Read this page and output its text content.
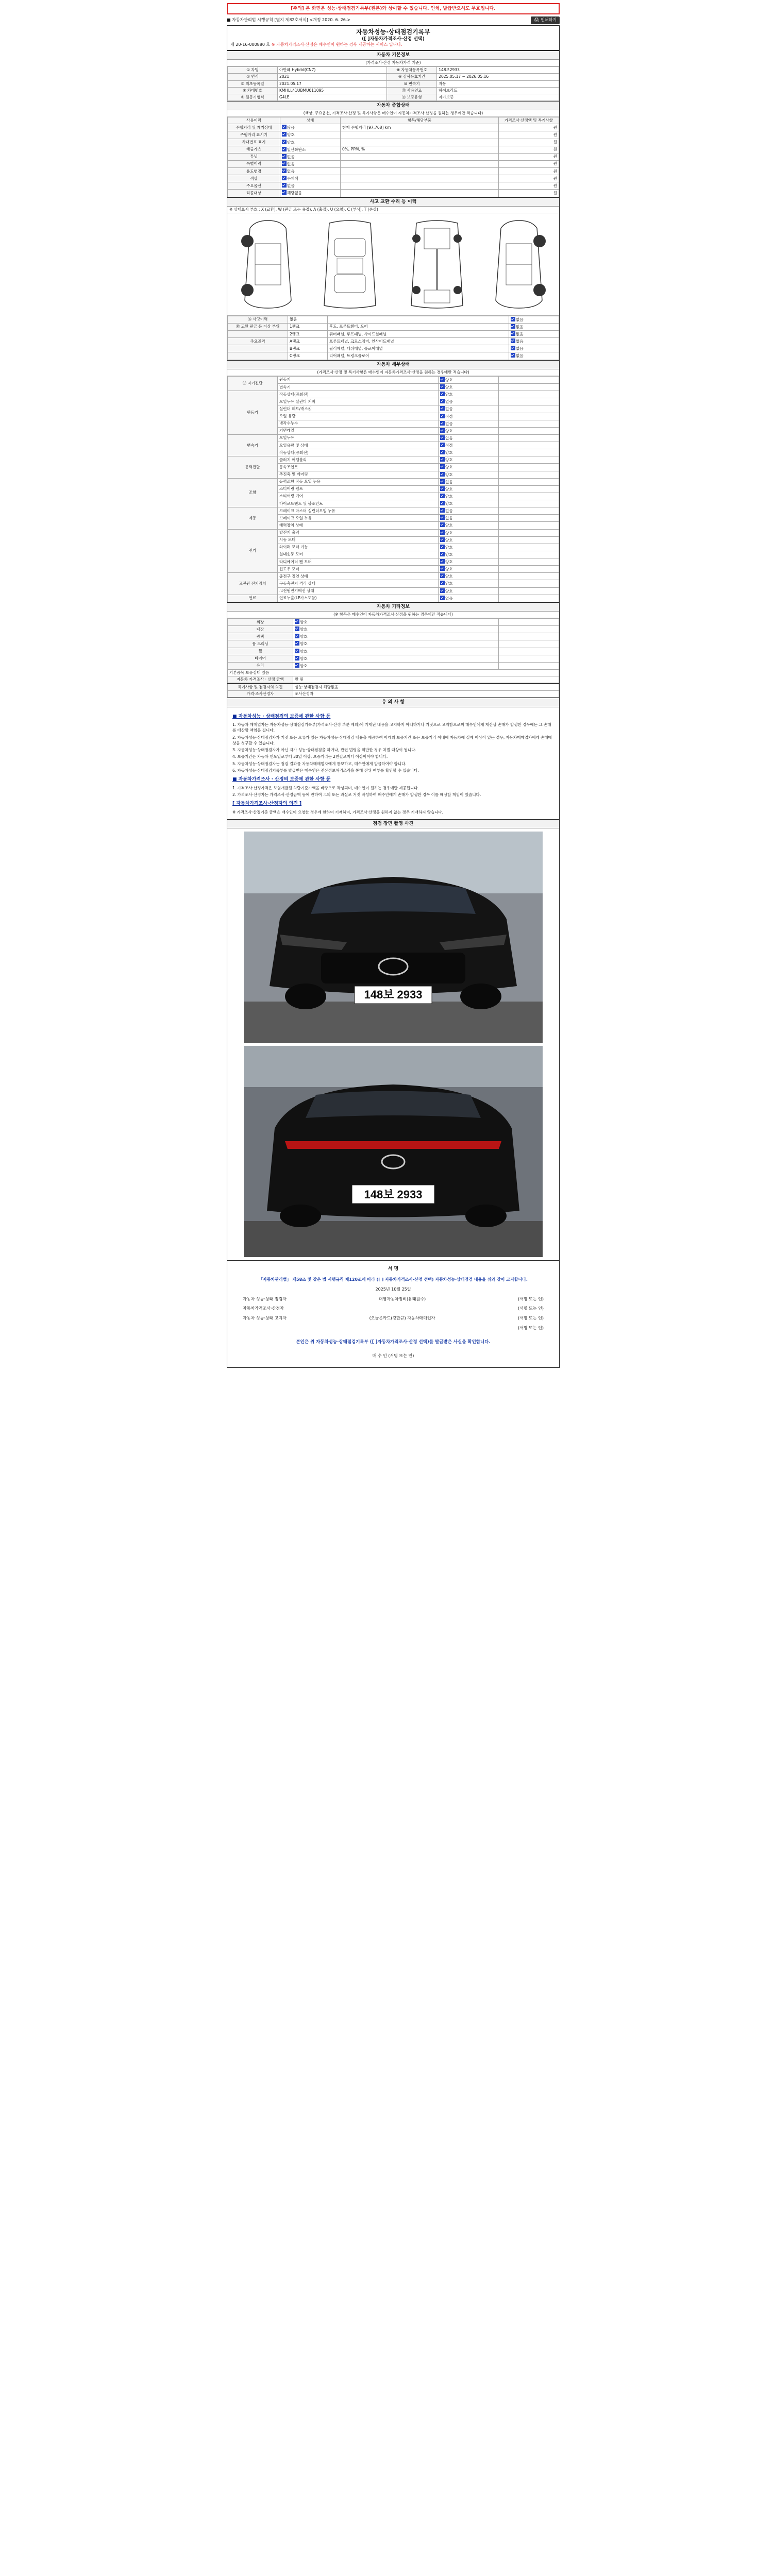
[주의] 본 화면은 성능·상태점검기록부(원본)와 상이할 수 있습니다. 인쇄, 발급받으셔도 무효입니다.
■ 자동차관리법 시행규칙 [별지 제82호서식] <개정 2020. 6. 26.>	🖨 인쇄하기
자동차성능·상태점검기록부
([ ]자동차가격조사·산정 선택)
제 20-16-000880 호 ※ 자동차가격조사·산정은 매수인이 원하는 경우 제공하는 서비스 입니다.
자동차 기본정보
(가격조사·산정 자동차가격 기준)
① 차명	아반떼 Hybrid(CN7)	⑧ 자동차등록번호	148보2933
② 연식	2021	⑨ 검사유효기간	2025.05.17 ~ 2026.05.16
③ 최초등록일	2021.05.17	⑩ 변속기	자동
④ 차대번호	KMHLL41UBMU011095	⑪ 사용연료	하이브리드
⑤ 원동기형식	G4LE	⑫ 보증유형	자가보증
자동차 종합상태
(색상, 주요옵션, 가격조사·산정 및 특기사항은 매수인이 자동차가격조사·산정을 원하는 경우에만 적습니다)
사용이력	상태	항목/해당부품	가격조사·산정액 및 특기사항
주행거리 및 계기상태	많음	현재 주행거리 [97,768] km	원
주행거리 표시기	양호		원
차대번호 표기	양호		원
배출가스	일산화탄소	0%, PPM, %	원
튜닝	없음		원
특별이력	없음		원
용도변경	없음		원
색상	무채색		원
주요옵션	없음		원
리콜대상	해당없음		원
사고 교환 수리 등 이력
※ 상태표시 부호 : X (교환), W (판금 또는 용접), A (흠집), U (요철), C (부식), T (손상)
⑮ 사고이력	없음		없음
⑯ 교환 판금 등 이상 부위	1랭크	후드, 프론트휀더, 도어	없음
	2랭크	쿼터패널, 루프패널, 사이드실패널	없음
주요골격	A랭크	프론트패널, 크로스멤버, 인사이드패널	없음
	B랭크	필러패널, 대쉬패널, 플로어패널	없음
	C랭크	리어패널, 트렁크플로어	없음
자동차 세부상태
(가격조사·산정 및 특기사항은 매수인이 자동차가격조사·산정을 원하는 경우에만 적습니다)
⑰ 자기진단	원동기	양호	
	변속기	양호	
원동기	작동상태(공회전)	양호	
	오일누유 실린더 커버	없음	
	실린더 헤드/개스킷	없음	
	오일 유량	적정	
	냉각수누수	없음	
	커먼레일	양호	
변속기	오일누유	없음	
	오일유량 및 상태	적정	
	작동상태(공회전)	양호	
동력전달	클러치 어셈블리	양호	
	등속조인트	양호	
	추진축 및 베어링	양호	
조향	동력조향 작동 오일 누유	없음	
	스티어링 펌프	양호	
	스티어링 기어	양호	
	타이로드엔드 및 볼조인트	양호	
제동	브레이크 마스터 실린더오일 누유	없음	
	브레이크 오일 누유	없음	
	배력장치 상태	양호	
전기	발전기 출력	양호	
	시동 모터	양호	
	와이퍼 모터 기능	양호	
	실내송풍 모터	양호	
	라디에이터 팬 모터	양호	
	윈도우 모터	양호	
고전원 전기장치	충전구 절연 상태	양호	
	구동축전지 격리 상태	양호	
	고전원전기배선 상태	양호	
연료	연료누출(LP가스포함)	없음	
자동차 기타정보
(※ 항목은 매수인이 자동차가격조사·산정을 원하는 경우에만 적습니다)
외장	양호	
내장	양호	
광택	양호	
룸 크리닝	양호	
휠	양호	
타이어	양호	
유리	양호	
기본품목 보유상태 있음		
자동차 가격조사 · 산정 금액	만 원	
특기사항 및 점검자의 의견	성능·상태점검자 해당없음
가격·조사산정자	조사산정자
유 의 사 항
■ 자동차성능 · 상태점검의 보증에 관한 사항 등

1. 자동차 매매업자는 자동차성능·상태점검기록부(가격조사·산정 부분 제외)에 기재된 내용을 고지하지 아니하거나 거짓으로 고지함으로써 매수인에게 재산상 손해가 발생한 경우에는 그 손해를 배상할 책임을 집니다.

2. 자동차성능·상태점검자가 거짓 또는 오류가 있는 자동차성능·상태점검 내용을 제공하여 아래의 보증기간 또는 보증거리 이내에 자동차에 실제 이상이 있는 경우, 자동차매매업자에게 손해배상을 청구할 수 있습니다.

3. 자동차성능·상태점검자가 아닌 자가 성능·상태점검을 하거나, 관련 법령을 위반한 경우 처벌 대상이 됩니다.

4. 보증기간은 자동차 인도일로부터 30일 이상, 보증거리는 2천킬로미터 이상이어야 합니다.

5. 자동차성능·상태점검자는 점검 결과를 자동차매매업자에게 통보하고, 매수인에게 발급하여야 합니다.

6. 자동차성능·상태점검기록부를 발급받은 매수인은 전산정보처리조직을 통해 진위 여부를 확인할 수 있습니다.

■ 자동차가격조사 · 산정의 보증에 관한 사항 등

1. 가격조사·산정가격은 보험개발원 차량기준가액을 바탕으로 작성되며, 매수인이 원하는 경우에만 제공됩니다.

2. 가격조사·산정자는 가격조사·산정금액 등에 관하여 고의 또는 과실로 거짓 작성하여 매수인에게 손해가 발생한 경우 이를 배상할 책임이 있습니다.

[ 자동차가격조사·산정자의 의견 ]

※ 가격조사·산정기준 금액은 매수인이 요청한 경우에 한하여 기재하며, 가격조사·산정을 원하지 않는 경우 기재하지 않습니다.

점검 장면 촬영 사진
148보 2933
148보 2933
서 명

「자동차관리법」 제58조 및 같은 법 시행규칙 제120조에 따라 ([ ] 자동차가격조사·산정 선택) 자동차성능·상태점검 내용을 위와 같이 고지합니다.

2025년 10월 25일

자동차 성능·상태 점검자	대영자동차정비(유태원주)	(서명 또는 인)
자동차가격조사·산정자	(서명 또는 인)
자동차 성능·상태 고지자	(오늘은카드(강한규) 자동차매매업자	(서명 또는 인)
(서명 또는 인)
본인은 위 자동차성능·상태점검기록부 ([ ]자동차가격조사·산정 선택)를 발급받은 사실을 확인합니다.

매 수 인 (서명 또는 인)
